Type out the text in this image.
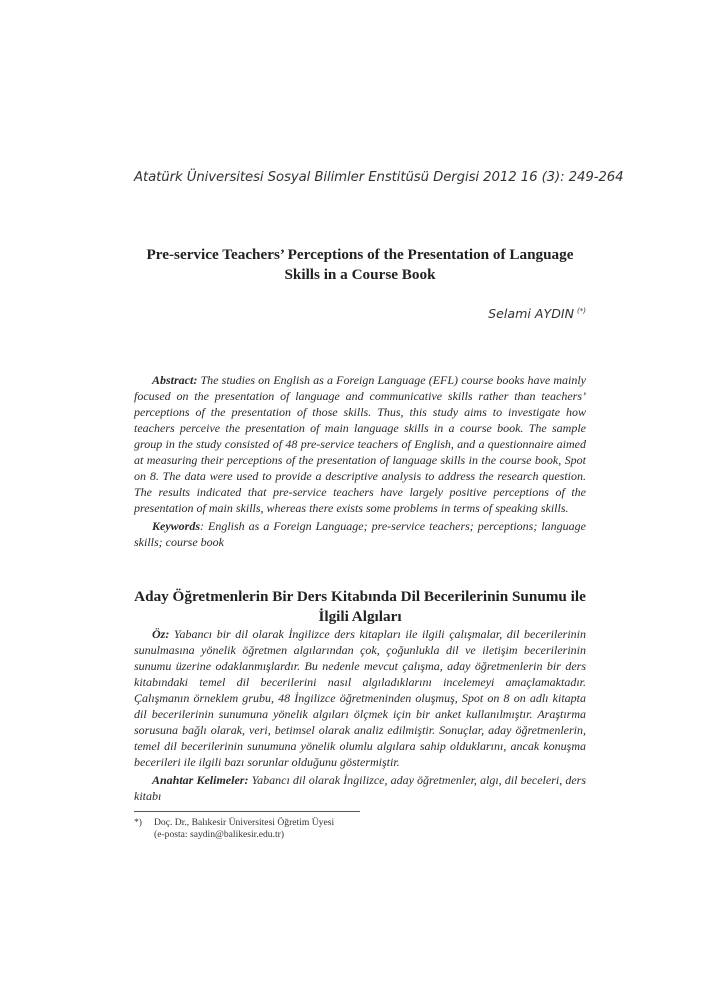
Atatürk Üniversitesi Sosyal Bilimler Enstitüsü Dergisi 2012 16 (3): 249-264
Pre-service Teachers’ Perceptions of the Presentation of Language Skills in a Course Book
Selami AYDIN (*)

Abstract: The studies on English as a Foreign Language (EFL) course books have mainly focused on the presentation of language and communicative skills rather than teachers’ perceptions of the presentation of those skills. Thus, this study aims to investigate how teachers perceive the presentation of main language skills in a course book. The sample group in the study consisted of 48 pre-service teachers of English, and a questionnaire aimed at measuring their perceptions of the presentation of language skills in the course book, Spot on 8. The data were used to provide a descriptive analysis to address the research question. The results indicated that pre-service teachers have largely positive perceptions of the presentation of main skills, whereas there exists some problems in terms of speaking skills.

Keywords: English as a Foreign Language; pre-service teachers; perceptions; language skills; course book

Aday Öğretmenlerin Bir Ders Kitabında Dil Becerilerinin Sunumu ile İlgili Algıları

Öz: Yabancı bir dil olarak İngilizce ders kitapları ile ilgili çalışmalar, dil becerilerinin sunulmasına yönelik öğretmen algılarından çok, çoğunlukla dil ve iletişim becerilerinin sunumu üzerine odaklanmışlardır. Bu nedenle mevcut çalışma, aday öğretmenlerin bir ders kitabındaki temel dil becerilerini nasıl algıladıklarını incelemeyi amaçlamaktadır. Çalışmanın örneklem grubu, 48 İngilizce öğretmeninden oluşmuş, Spot on 8 on adlı kitapta dil becerilerinin sunumuna yönelik algıları ölçmek için bir anket kullanılmıştır. Araştırma sorusuna bağlı olarak, veri, betimsel olarak analiz edilmiştir. Sonuçlar, aday öğretmenlerin, temel dil becerilerinin sunumuna yönelik olumlu algılara sahip olduklarını, ancak konuşma becerileri ile ilgili bazı sorunlar olduğunu göstermiştir.

Anahtar Kelimeler: Yabancı dil olarak İngilizce, aday öğretmenler, algı, dil beceleri, ders kitabı

*)	Doç. Dr., Balıkesir Üniversitesi Öğretim Üyesi
(e-posta: saydin@balikesir.edu.tr)
